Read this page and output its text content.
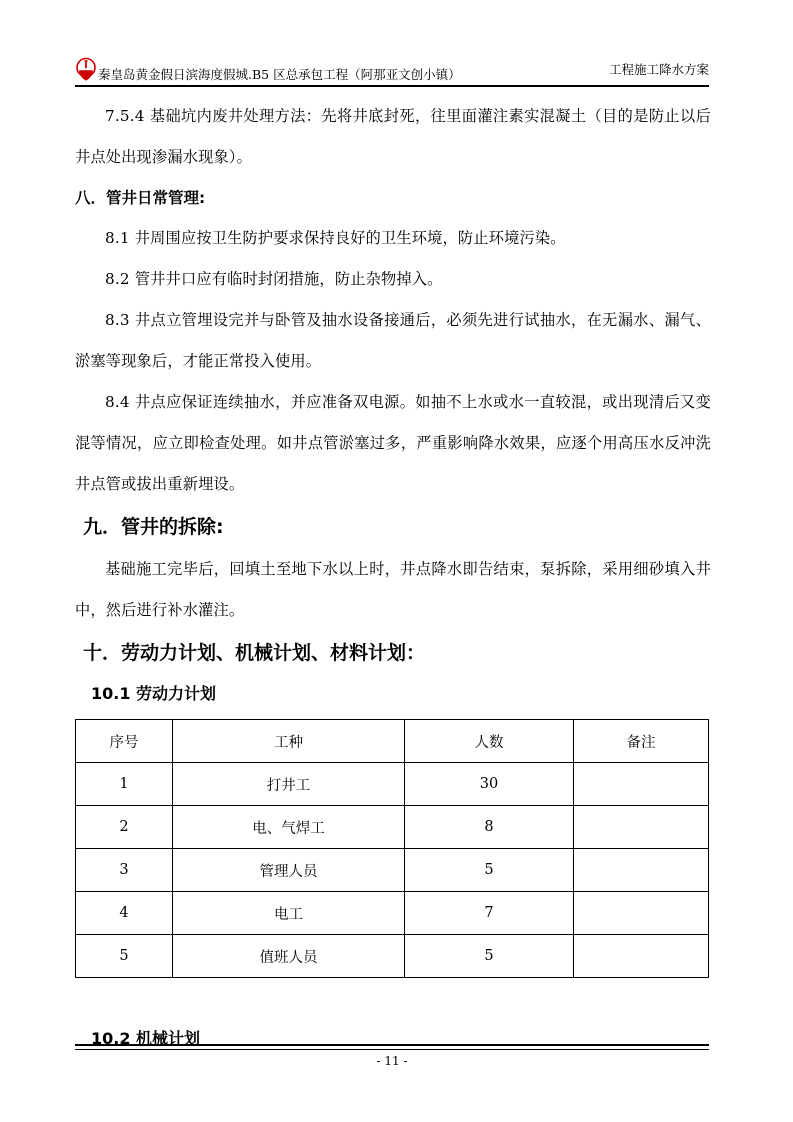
秦皇岛黄金假日滨海度假城.B5 区总承包工程（阿那亚文创小镇）	工程施工降水方案

7.5.4 基础坑内废井处理方法：先将井底封死，往里面灌注素实混凝土（目的是防止以后井点处出现渗漏水现象）。

八．管井日常管理:

8.1 井周围应按卫生防护要求保持良好的卫生环境，防止环境污染。

8.2 管井井口应有临时封闭措施，防止杂物掉入。

8.3 井点立管埋设完并与卧管及抽水设备接通后，必须先进行试抽水，在无漏水、漏气、淤塞等现象后，才能正常投入使用。

8.4 井点应保证连续抽水，并应准备双电源。如抽不上水或水一直较混，或出现清后又变混等情况，应立即检查处理。如井点管淤塞过多，严重影响降水效果，应逐个用高压水反冲洗井点管或拔出重新埋设。

九．管井的拆除:

基础施工完毕后，回填土至地下水以上时，井点降水即告结束，泵拆除，采用细砂填入井中，然后进行补水灌注。

十．劳动力计划、机械计划、材料计划：
10.1 劳动力计划
序号	工种	人数	备注
1	打井工	30	
2	电、气焊工	8	
3	管理人员	5	
4	电工	7	
5	值班人员	5	
10.2 机械计划
- 11 -
